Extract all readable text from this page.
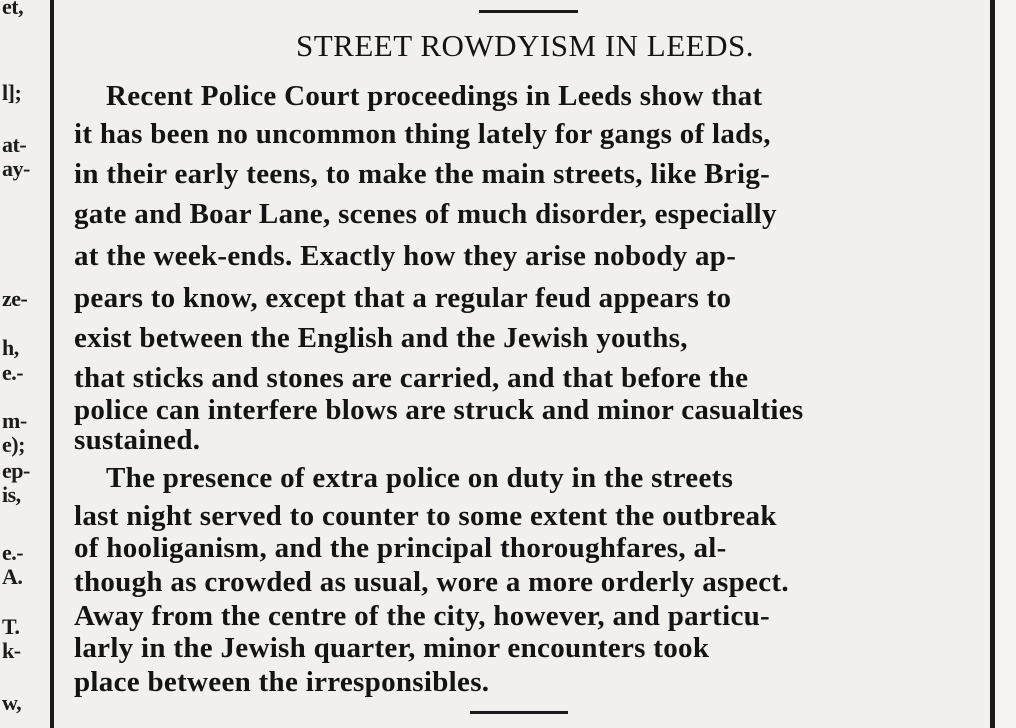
et,
l];
at-
ay-
ze-
h,
e.-
m-
e);
ep-
is,
e.-
A.
T.
k-
w,
STREET ROWDYISM IN LEEDS.
Recent Police Court proceedings in Leeds show that
it has been no uncommon thing lately for gangs of lads,
in their early teens, to make the main streets, like Brig-
gate and Boar Lane, scenes of much disorder, especially
at the week-ends. Exactly how they arise nobody ap-
pears to know, except that a regular feud appears to
exist between the English and the Jewish youths,
that sticks and stones are carried, and that before the
police can interfere blows are struck and minor casualties
sustained.
The presence of extra police on duty in the streets
last night served to counter to some extent the outbreak
of hooliganism, and the principal thoroughfares, al-
though as crowded as usual, wore a more orderly aspect.
Away from the centre of the city, however, and particu-
larly in the Jewish quarter, minor encounters took
place between the irresponsibles.
